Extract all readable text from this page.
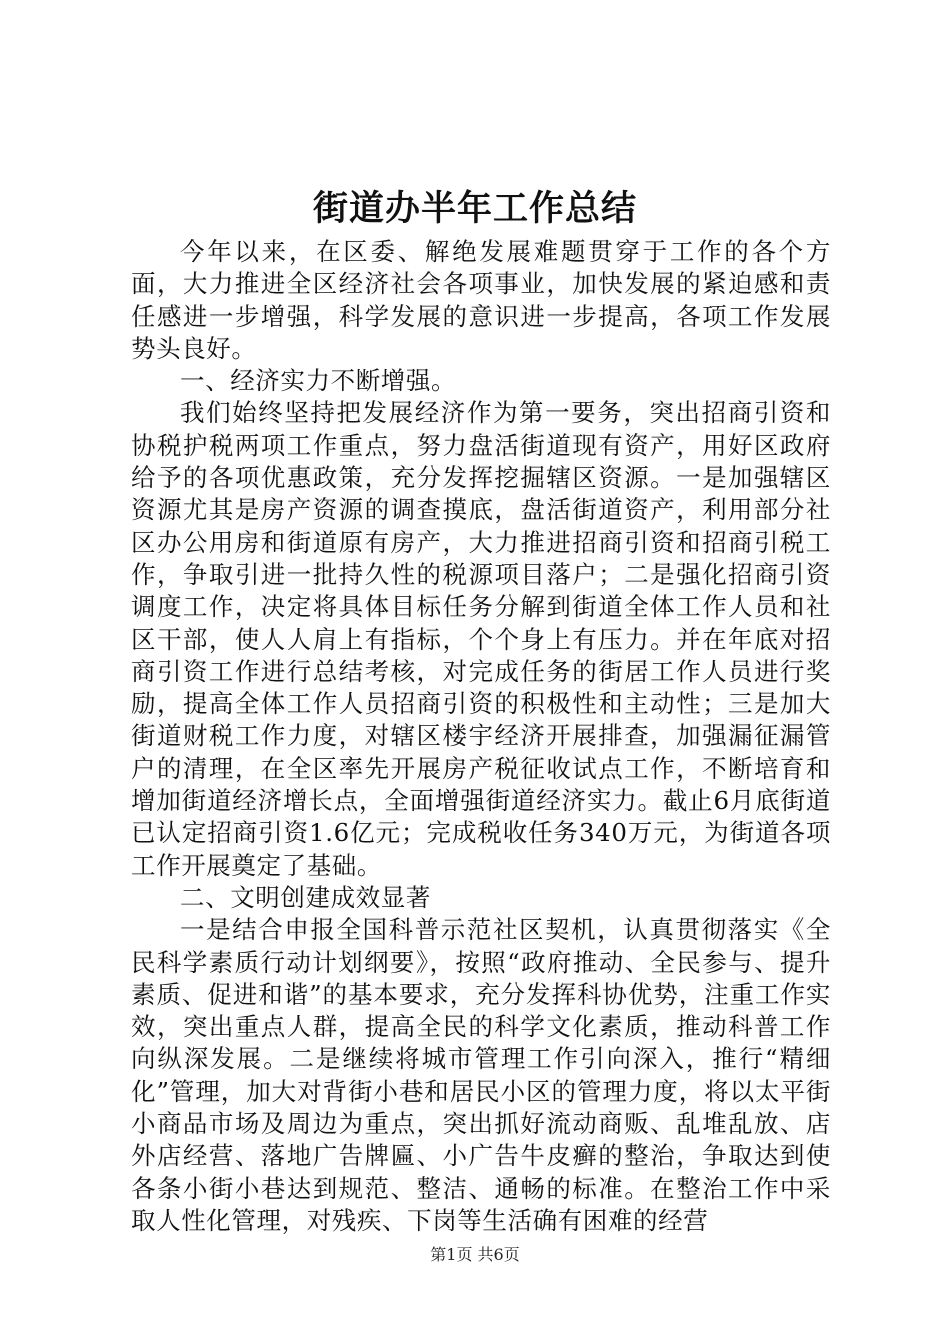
街道办半年工作总结

今年以来，在区委、解绝发展难题贯穿于工作的各个方面，大力推进全区经济社会各项事业，加快发展的紧迫感和责任感进一步增强，科学发展的意识进一步提高，各项工作发展势头良好。

一、经济实力不断增强。

我们始终坚持把发展经济作为第一要务，突出招商引资和协税护税两项工作重点，努力盘活街道现有资产，用好区政府给予的各项优惠政策，充分发挥挖掘辖区资源。一是加强辖区资源尤其是房产资源的调查摸底，盘活街道资产，利用部分社区办公用房和街道原有房产，大力推进招商引资和招商引税工作，争取引进一批持久性的税源项目落户；二是强化招商引资调度工作，决定将具体目标任务分解到街道全体工作人员和社区干部，使人人肩上有指标，个个身上有压力。并在年底对招商引资工作进行总结考核，对完成任务的街居工作人员进行奖励，提高全体工作人员招商引资的积极性和主动性；三是加大街道财税工作力度，对辖区楼宇经济开展排查，加强漏征漏管户的清理，在全区率先开展房产税征收试点工作，不断培育和增加街道经济增长点，全面增强街道经济实力。截止6月底街道已认定招商引资1.6亿元；完成税收任务340万元，为街道各项工作开展奠定了基础。

二、文明创建成效显著

一是结合申报全国科普示范社区契机，认真贯彻落实《全民科学素质行动计划纲要》，按照“政府推动、全民参与、提升素质、促进和谐”的基本要求，充分发挥科协优势，注重工作实效，突出重点人群，提高全民的科学文化素质，推动科普工作向纵深发展。二是继续将城市管理工作引向深入，推行“精细化”管理，加大对背街小巷和居民小区的管理力度，将以太平街小商品市场及周边为重点，突出抓好流动商贩、乱堆乱放、店外店经营、落地广告牌匾、小广告牛皮癣的整治，争取达到使各条小街小巷达到规范、整洁、通畅的标准。在整治工作中采取人性化管理，对残疾、下岗等生活确有困难的经营

第1页 共6页
